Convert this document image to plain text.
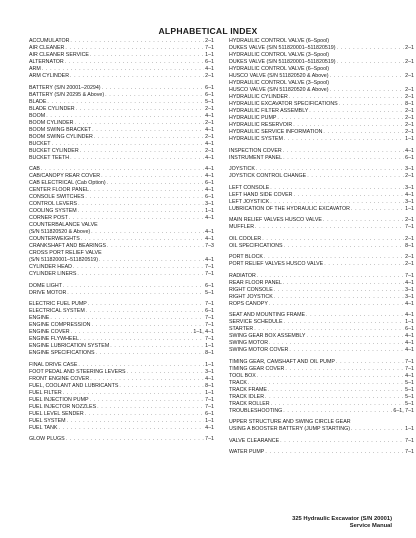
ALPHABETICAL INDEX
ACCUMULATOR . . .	2–1
AIR CLEANER . . .	7–1
AIR CLEANER SERVICE . . .	1–1
ALTERNATOR . . .	6–1
ARM . . .	4–1
ARM CYLINDER . . .	2–1
BATTERY (S/N 20001–20294) . . .	6–1
BATTERY (S/N 20295 & Above) . . .	6–1
BLADE . . .	5–1
BLADE CYLINDER . . .	2–1
BOOM . . .	4–1
BOOM CYLINDER . . .	2–1
BOOM SWING BRACKET . . .	4–1
BOOM SWING CYLINDER . . .	2–1
BUCKET . . .	4–1
BUCKET CYLINDER . . .	2–1
BUCKET TEETH . . .	4–1
CAB . . .	4–1
CAB/CANOPY REAR COVER . . .	4–1
CAB ELECTRICAL (Cab Option) . . .	6–1
CENTER FLOOR PANEL . . .	4–1
CONSOLE SWITCHES . . .	6–1
CONTROL LEVERS . . .	3–1
COOLING SYSTEM . . .	1–1
CORNER POST . . .	4–1
COUNTERBALANCE VALVE
(S/N 511820520 & Above) . . .	4–1
COUNTERWEIGHTS . . .	4–1
CRANKSHAFT AND BEARINGS . . .	7–3
CROSS PORT RELIEF VALVE
(S/N 511820001–511820519) . . .	4–1
CYLINDER HEAD . . .	7–1
CYLINDER LINERS . . .	7–1
DOME LIGHT . . .	6–1
DRIVE MOTOR . . .	5–1
ELECTRIC FUEL PUMP . . .	7–1
ELECTRICAL SYSTEM . . .	6–1
ENGINE . . .	7–1
ENGINE COMPRESSION . . .	7–1
ENGINE COVER . . .	1–1, 4–1
ENGINE FLYWHEEL . . .	7–1
ENGINE LUBRICATION SYSTEM . . .	1–1
ENGINE SPECIFICATIONS . . .	8–1
FINAL DRIVE CASE . . .	1–1
FOOT PEDAL AND STEERING LEVERS . . .	3–1
FRONT ENGINE COVER . . .	4–1
FUEL, COOLANT AND LUBRICANTS . . .	8–1
FUEL FILTER . . .	1–1
FUEL INJECTION PUMP . . .	7–1
FUEL INJECTOR NOZZLES . . .	7–1
FUEL LEVEL SENDER . . .	6–1
FUEL SYSTEM . . .	1–1
FUEL TANK . . .	4–1
GLOW PLUGS . . .	7–1
HYDRAULIC CONTROL VALVE (6–Spool)
DUKES VALVE (S/N 511820001–511820519) . . .	2–1
HYDRAULIC CONTROL VALVE (3–Spool)
DUKES VALVE (S/N 511820001–511820519) . . .	2–1
HYDRAULIC CONTROL VALVE (6–Spool)
HUSCO VALVE (S/N 511820520 & Above) . . .	2–1
HYDRAULIC CONTROL VALVE (3–Spool)
HUSCO VALVE (S/N 511820520 & Above) . . .	2–1
HYDRAULIC CYLINDER . . .	2–1
HYDRAULIC EXCAVATOR SPECIFICATIONS . . .	8–1
HYDRAULIC FILTER ASSEMBLY . . .	2–1
HYDRAULIC PUMP . . .	2–1
HYDRAULIC RESERVOIR . . .	2–1
HYDRAULIC SERVICE INFORMATION . . .	2–1
HYDRAULIC SYSTEM . . .	1–1
INSPECTION COVER . . .	4–1
INSTRUMENT PANEL . . .	6–1
JOYSTICK . . .	3–1
JOYSTICK CONTROL CHANGE . . .	2–1
LEFT CONSOLE . . .	3–1
LEFT HAND SIDE COVER . . .	4–1
LEFT JOYSTICK . . .	3–1
LUBRICATION OF THE HYDRAULIC EXCAVATOR . . .	1–1
MAIN RELIEF VALVES HUSCO VALVE . . .	2–1
MUFFLER . . .	7–1
OIL COOLER . . .	2–1
OIL SPECIFICATIONS . . .	8–1
PORT BLOCK . . .	2–1
PORT RELIEF VALVES HUSCO VALVE . . .	2–1
RADIATOR . . .	7–1
REAR FLOOR PANEL . . .	4–1
RIGHT CONSOLE . . .	3–1
RIGHT JOYSTICK . . .	3–1
ROPS CANOPY . . .	4–1
SEAT AND MOUNTING FRAME . . .	4–1
SERVICE SCHEDULE . . .	1–1
STARTER . . .	6–1
SWING GEAR BOX ASSEMBLY . . .	4–1
SWING MOTOR . . .	4–1
SWING MOTOR COVER . . .	4–1
TIMING GEAR, CAMSHAFT AND OIL PUMP . . .	7–1
TIMING GEAR COVER . . .	7–1
TOOL BOX . . .	4–1
TRACK . . .	5–1
TRACK FRAME . . .	5–1
TRACK IDLER . . .	5–1
TRACK ROLLER . . .	5–1
TROUBLESHOOTING . . .	6–1, 7–1
UPPER STRUCTURE AND SWING CIRCLE GEAR
USING A BOOSTER BATTERY (JUMP STARTING) . . .	1–1
VALVE CLEARANCE . . .	7–1
WATER PUMP . . .	7–1
325 Hydraulic Excavator (S/N 20001)
Service Manual
